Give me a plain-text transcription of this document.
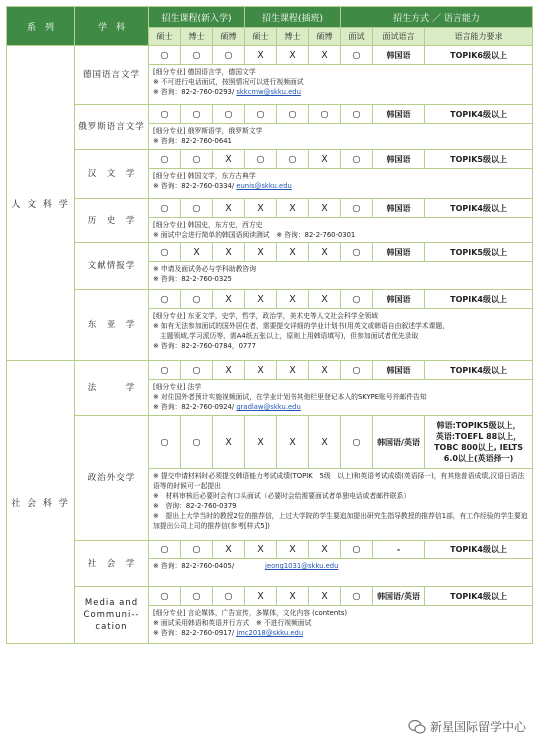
系　列	学　科	招生课程(新入学)			招生课程(插班)			招生方式 ／ 语言能力		
		硕士	博士	硕博	硕士	博士	硕博	面试	面试语言	语言能力要求
人 文 科 学	德国语言文学	○	○	○	X	X	X	○	韩国语	TOPIK6级以上

		[细分专业] 德国语言学，德国文学
※ 不可进行电话面试，按照情况可以进行视频面试
※ 咨询：82-2-760-0293/ skkcmw@skku.edu								

	俄罗斯语言文学	○	○	○	○	○	○	○	韩国语	TOPIK4级以上

		[细分专业] 俄罗斯语学，俄罗斯文学
※ 咨询：82-2-760-0641								

	汉　文　学	○	○	X	○	○	X	○	韩国语	TOPIK5级以上

		[细分专业] 韩国文学，东方古典学
※ 咨询：82-2-760-0334/ eunis@skku.edu								

	历　史　学	○	○	X	X	X	X	○	韩国语	TOPIK4级以上

		[细分专业] 韩国史，东方史，西方史
※ 面试中会进行简单的韩国语阅读测试　※ 咨询：82-2-760-0301								

	文献情报学	○	X	X	X	X	X	○	韩国语	TOPIK5级以上

		※ 申请及面试务必与学科助教咨询
※ 咨询：82-2-760-0325								

	东　亚　学	○	○	X	X	X	X	○	韩国语	TOPIK4级以上

		[细分专业] 东亚文学，史学，哲学，政治学，美术史等人文社会科学全领域
※ 如有无法参加面试的国外居住者，需要提交详细的学业计划书(用英文或韩语自由叙述学术课题，
　主题领域,学习派历等，需A4纸五张以上，原则上用韩语填写)，但参加面试者优先录取
※ 咨询：82-2-760-0784，0777								

社 会 科 学	法　　　学	○	○	X	X	X	X	○	韩国语	TOPIK4级以上

		[细分专业] 法学
※ 对住国外者预计实施视频面试，在学业计划书其他栏里登记本人的SKYPE账号并邮件告知
※ 咨询：82-2-760-0924/ gradlaw@skku.edu								

	政治外交学	○	○	X	X	X	X	○	韩国语/英语	韩语:TOPIK5级以上，
英语:TOEFL 88以上，
TOBC 800以上, IELTS
6.0以上(英语择一)

		※ 提交申请材料时必须提交韩语能力考试成绩(TOPIK　5级　以上)和英语考试成绩(英语择一)，有其他普语成绩,汉语日语法语等的时候可一起提出
※　材料审核后必要时会有口头面试（必要时会给需要面试者单独电话或者邮件联系）
※　咨询：82-2-760-0379
※　提出上大学当时的教授2位的推荐信，上过大学院的学生要追加提出研究生指导教授的推荐信1部，有工作经验的学生要追加提出公司上司的推荐信(参考[样式5])								

	社　会　学	○	○	X	X	X	X	○	-	TOPIK4级以上

		※ 咨询：82-2-760-0405/ jeong1031@skku.edu								

	Media and Communi--cation	○	○	○	X	X	X	○	韩国语/英语	TOPIK4级以上

		[细分专业] 言论媒体，广告宣传，多媒体，文化内容 (contents)
※ 面试采用韩语和英语并行方式　※ 不进行视频面试
※ 咨询：82-2-760-0917/ jmc2018@skku.edu								
新星国际留学中心
